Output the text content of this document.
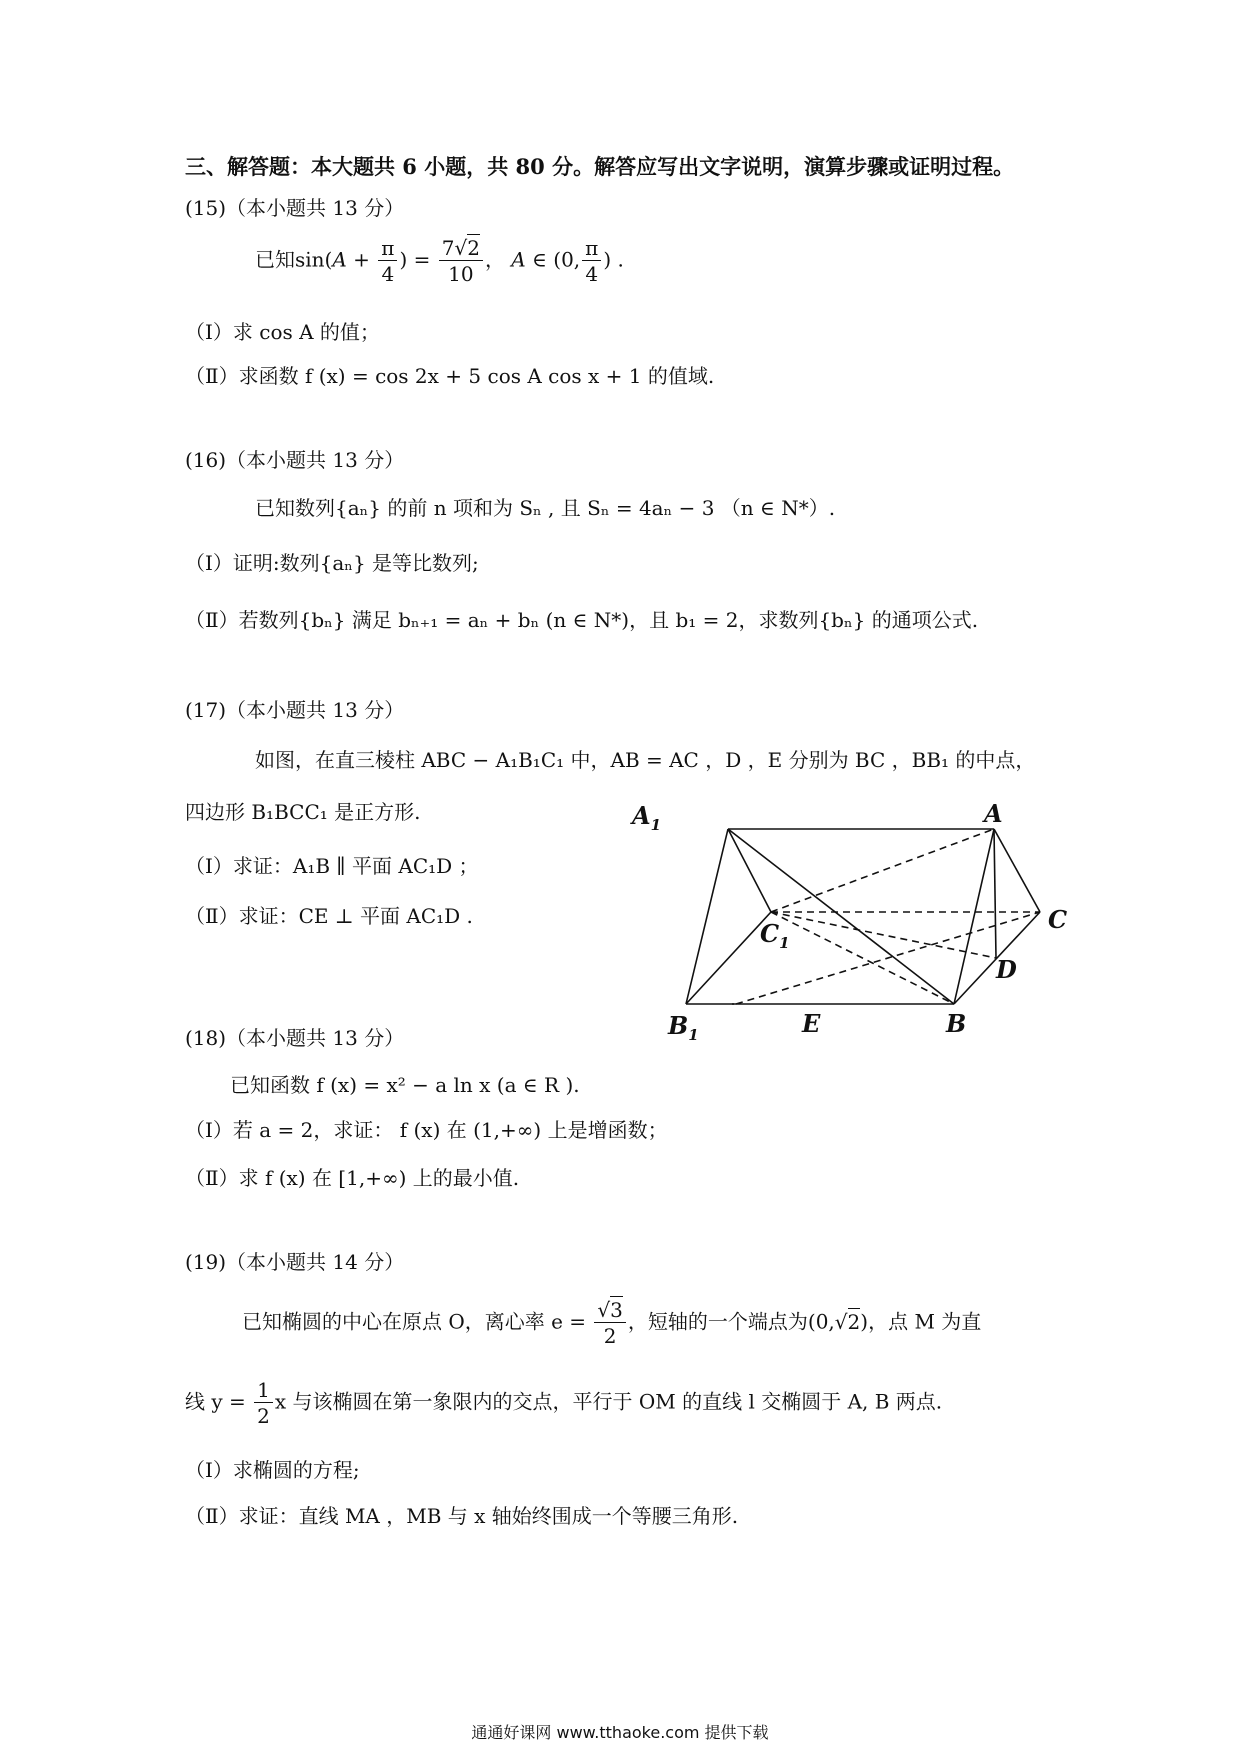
三、解答题：本大题共 6 小题，共 80 分。解答应写出文字说明，演算步骤或证明过程。
(15)（本小题共 13 分）
已知$\sin(A + \frac{\pi}{4}$ ) = $\frac{7√2}{10}$ ， A ∈ (0, $\frac{\pi}{4}$ ) .
（Ⅰ）求 cos A 的值；
（Ⅱ）求函数 f (x) = cos 2x + 5 cos A cos x + 1 的值域.
(16)（本小题共 13 分）
已知数列{aₙ} 的前 n 项和为 Sₙ , 且 Sₙ = 4aₙ − 3 （n ∈ N*）.
（Ⅰ）证明:数列{aₙ} 是等比数列;
（Ⅱ）若数列{bₙ} 满足 bₙ₊₁ = aₙ + bₙ (n ∈ N*)，且 b₁ = 2，求数列{bₙ} 的通项公式.
(17)（本小题共 13 分）
如图，在直三棱柱 ABC − A₁B₁C₁ 中，AB = AC ，D ，E 分别为 BC ，BB₁ 的中点，
四边形 B₁BCC₁ 是正方形.
（Ⅰ）求证：A₁B ∥ 平面 AC₁D ；
（Ⅱ）求证：CE ⊥ 平面 AC₁D .
$A_1$	A
$C_1$
C
D
$B_1$	E	B
(18)（本小题共 13 分）
已知函数 f (x) = x² − a ln x (a ∈ R ).
（Ⅰ）若 a = 2，求证： f (x) 在 (1,+∞) 上是增函数；
（Ⅱ）求 f (x) 在 [1,+∞) 上的最小值.
(19)（本小题共 14 分）
已知椭圆的中心在原点 O，离心率 $e = \frac{√3}{2}$ ，短轴的一个端点为(0,√2)，点 M 为直
线 $y = \frac{1}{2}$ x 与该椭圆在第一象限内的交点，平行于 OM 的直线 l 交椭圆于 A, B 两点.
（Ⅰ）求椭圆的方程;
（Ⅱ）求证：直线 MA ，MB 与 x 轴始终围成一个等腰三角形.
通通好课网 www.tthaoke.com 提供下载
